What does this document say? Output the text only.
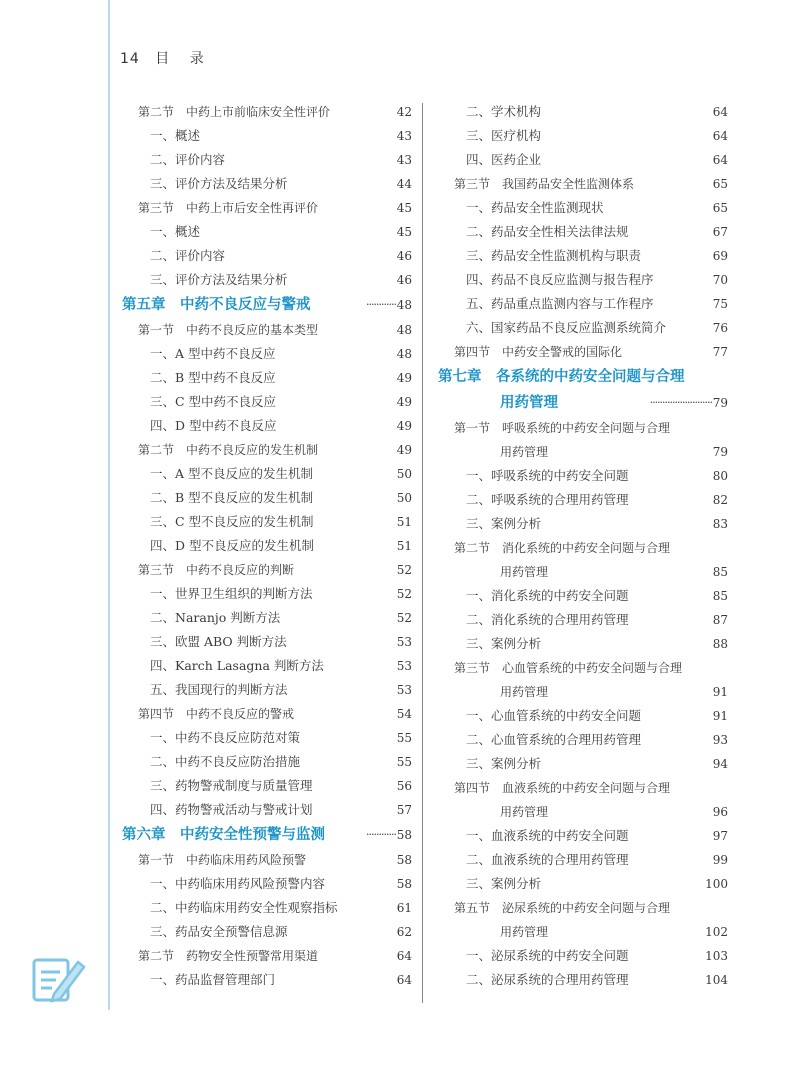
14 目 录
第二节　中药上市前临床安全性评价	42
一、概述	43
二、评价内容	43
三、评价方法及结果分析	44
第三节　中药上市后安全性再评价	45
一、概述	45
二、评价内容	46
三、评价方法及结果分析	46
第五章　中药不良反应与警戒	············ 48
第一节　中药不良反应的基本类型	48
一、A 型中药不良反应	48
二、B 型中药不良反应	49
三、C 型中药不良反应	49
四、D 型中药不良反应	49
第二节　中药不良反应的发生机制	49
一、A 型不良反应的发生机制	50
二、B 型不良反应的发生机制	50
三、C 型不良反应的发生机制	51
四、D 型不良反应的发生机制	51
第三节　中药不良反应的判断	52
一、世界卫生组织的判断方法	52
二、Naranjo 判断方法	52
三、欧盟 ABO 判断方法	53
四、Karch Lasagna 判断方法	53
五、我国现行的判断方法	53
第四节　中药不良反应的警戒	54
一、中药不良反应防范对策	55
二、中药不良反应防治措施	55
三、药物警戒制度与质量管理	56
四、药物警戒活动与警戒计划	57
第六章　中药安全性预警与监测	············ 58
第一节　中药临床用药风险预警	58
一、中药临床用药风险预警内容	58
二、中药临床用药安全性观察指标	61
三、药品安全预警信息源	62
第二节　药物安全性预警常用渠道	64
一、药品监督管理部门	64
二、学术机构	64
三、医疗机构	64
四、医药企业	64
第三节　我国药品安全性监测体系	65
一、药品安全性监测现状	65
二、药品安全性相关法律法规	67
三、药品安全性监测机构与职责	69
四、药品不良反应监测与报告程序	70
五、药品重点监测内容与工作程序	75
六、国家药品不良反应监测系统简介	76
第四节　中药安全警戒的国际化	77
第七章　各系统的中药安全问题与合理
用药管理	························· 79
第一节　呼吸系统的中药安全问题与合理
用药管理	79
一、呼吸系统的中药安全问题	80
二、呼吸系统的合理用药管理	82
三、案例分析	83
第二节　消化系统的中药安全问题与合理
用药管理	85
一、消化系统的中药安全问题	85
二、消化系统的合理用药管理	87
三、案例分析	88
第三节　心血管系统的中药安全问题与合理
用药管理	91
一、心血管系统的中药安全问题	91
二、心血管系统的合理用药管理	93
三、案例分析	94
第四节　血液系统的中药安全问题与合理
用药管理	96
一、血液系统的中药安全问题	97
二、血液系统的合理用药管理	99
三、案例分析	100
第五节　泌尿系统的中药安全问题与合理
用药管理	102
一、泌尿系统的中药安全问题	103
二、泌尿系统的合理用药管理	104
